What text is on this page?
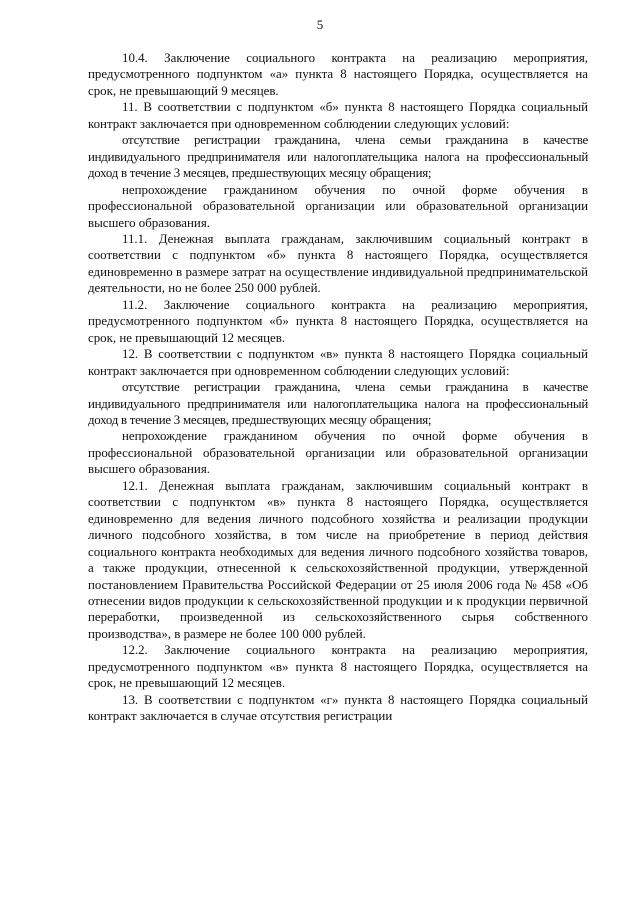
5

10.4. Заключение социального контракта на реализацию мероприятия, предусмотренного подпунктом «а» пункта 8 настоящего Порядка, осуществляется на срок, не превышающий 9 месяцев.

11. В соответствии с подпунктом «б» пункта 8 настоящего Порядка социальный контракт заключается при одновременном соблюдении следующих условий:

отсутствие регистрации гражданина, члена семьи гражданина в качестве индивидуального предпринимателя или налогоплательщика налога на профессиональный доход в течение 3 месяцев, предшествующих месяцу обращения;

непрохождение гражданином обучения по очной форме обучения в профессиональной образовательной организации или образовательной организации высшего образования.

11.1. Денежная выплата гражданам, заключившим социальный контракт в соответствии с подпунктом «б» пункта 8 настоящего Порядка, осуществляется единовременно в размере затрат на осуществление индивидуальной предпринимательской деятельности, но не более 250 000 рублей.

11.2. Заключение социального контракта на реализацию мероприятия, предусмотренного подпунктом «б» пункта 8 настоящего Порядка, осуществляется на срок, не превышающий 12 месяцев.

12. В соответствии с подпунктом «в» пункта 8 настоящего Порядка социальный контракт заключается при одновременном соблюдении следующих условий:

отсутствие регистрации гражданина, члена семьи гражданина в качестве индивидуального предпринимателя или налогоплательщика налога на профессиональный доход в течение 3 месяцев, предшествующих месяцу обращения;

непрохождение гражданином обучения по очной форме обучения в профессиональной образовательной организации или образовательной организации высшего образования.

12.1. Денежная выплата гражданам, заключившим социальный контракт в соответствии с подпунктом «в» пункта 8 настоящего Порядка, осуществляется единовременно для ведения личного подсобного хозяйства и реализации продукции личного подсобного хозяйства, в том числе на приобретение в период действия социального контракта необходимых для ведения личного подсобного хозяйства товаров, а также продукции, отнесенной к сельскохозяйственной продукции, утвержденной постановлением Правительства Российской Федерации от 25 июля 2006 года № 458 «Об отнесении видов продукции к сельскохозяйственной продукции и к продукции первичной переработки, произведенной из сельскохозяйственного сырья собственного производства», в размере не более 100 000 рублей.

12.2. Заключение социального контракта на реализацию мероприятия, предусмотренного подпунктом «в» пункта 8 настоящего Порядка, осуществляется на срок, не превышающий 12 месяцев.

13. В соответствии с подпунктом «г» пункта 8 настоящего Порядка социальный контракт заключается в случае отсутствия регистрации
